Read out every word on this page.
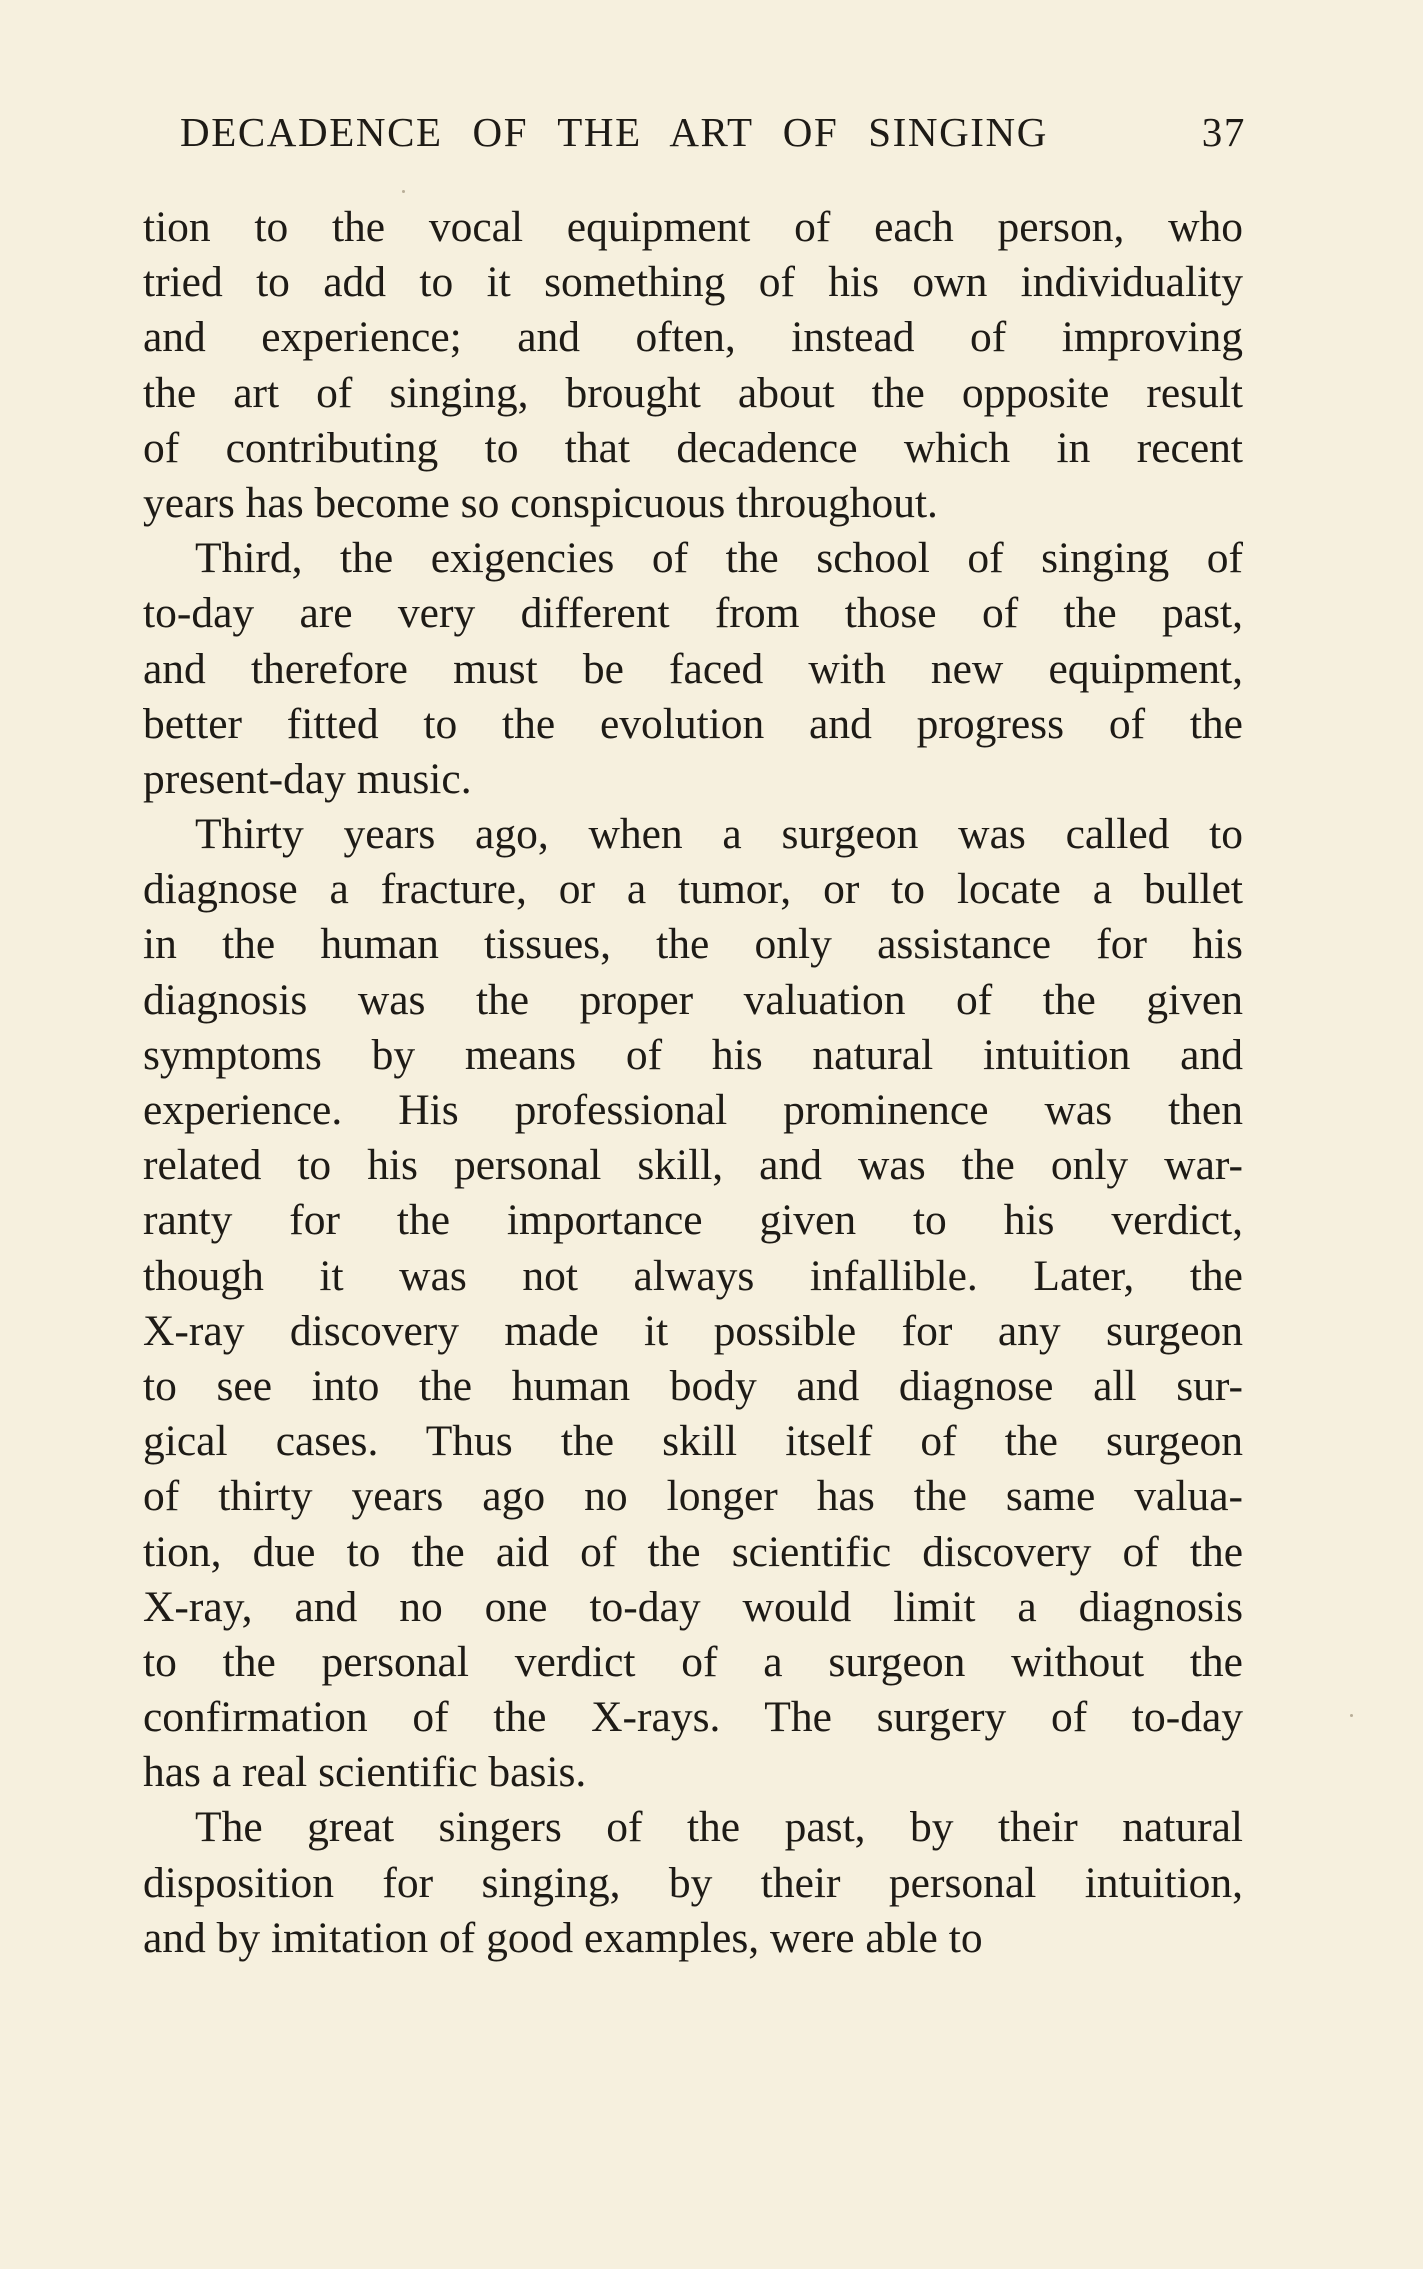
DECADENCE OF THE ART OF SINGING	37
tion to the vocal equipment of each person, who
tried to add to it something of his own individuality
and experience; and often, instead of improving
the art of singing, brought about the opposite result
of contributing to that decadence which in recent
years has become so conspicuous throughout.
Third, the exigencies of the school of singing of
to-day are very different from those of the past,
and therefore must be faced with new equipment,
better fitted to the evolution and progress of the
present-day music.
Thirty years ago, when a surgeon was called to
diagnose a fracture, or a tumor, or to locate a bullet
in the human tissues, the only assistance for his
diagnosis was the proper valuation of the given
symptoms by means of his natural intuition and
experience. His professional prominence was then
related to his personal skill, and was the only war-
ranty for the importance given to his verdict,
though it was not always infallible. Later, the
X-ray discovery made it possible for any surgeon
to see into the human body and diagnose all sur-
gical cases. Thus the skill itself of the surgeon
of thirty years ago no longer has the same valua-
tion, due to the aid of the scientific discovery of the
X-ray, and no one to-day would limit a diagnosis
to the personal verdict of a surgeon without the
confirmation of the X-rays. The surgery of to-day
has a real scientific basis.
The great singers of the past, by their natural
disposition for singing, by their personal intuition,
and by imitation of good examples, were able to
